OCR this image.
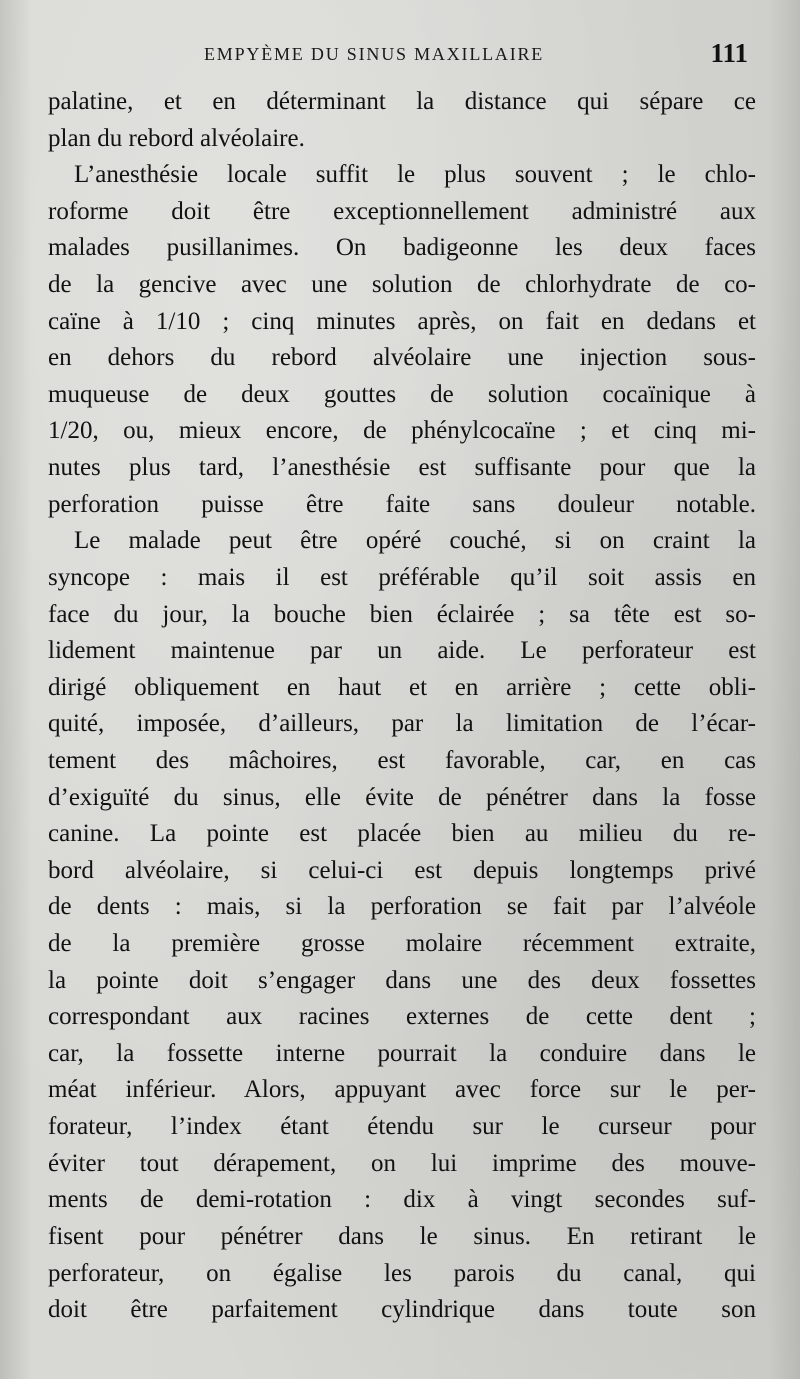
EMPYÈME DU SINUS MAXILLAIRE	111
palatine, et en déterminant la distance qui sépare ce
plan du rebord alvéolaire.
L’anesthésie locale suffit le plus souvent ; le chlo-
roforme doit être exceptionnellement administré aux
malades pusillanimes. On badigeonne les deux faces
de la gencive avec une solution de chlorhydrate de co-
caïne à 1/10 ; cinq minutes après, on fait en dedans et
en dehors du rebord alvéolaire une injection sous-
muqueuse de deux gouttes de solution cocaïnique à
1/20, ou, mieux encore, de phénylcocaïne ; et cinq mi-
nutes plus tard, l’anesthésie est suffisante pour que la
perforation puisse être faite sans douleur notable.
Le malade peut être opéré couché, si on craint la
syncope : mais il est préférable qu’il soit assis en
face du jour, la bouche bien éclairée ; sa tête est so-
lidement maintenue par un aide. Le perforateur est
dirigé obliquement en haut et en arrière ; cette obli-
quité, imposée, d’ailleurs, par la limitation de l’écar-
tement des mâchoires, est favorable, car, en cas
d’exiguïté du sinus, elle évite de pénétrer dans la fosse
canine. La pointe est placée bien au milieu du re-
bord alvéolaire, si celui-ci est depuis longtemps privé
de dents : mais, si la perforation se fait par l’alvéole
de la première grosse molaire récemment extraite,
la pointe doit s’engager dans une des deux fossettes
correspondant aux racines externes de cette dent ;
car, la fossette interne pourrait la conduire dans le
méat inférieur. Alors, appuyant avec force sur le per-
forateur, l’index étant étendu sur le curseur pour
éviter tout dérapement, on lui imprime des mouve-
ments de demi-rotation : dix à vingt secondes suf-
fisent pour pénétrer dans le sinus. En retirant le
perforateur, on égalise les parois du canal, qui
doit être parfaitement cylindrique dans toute son
